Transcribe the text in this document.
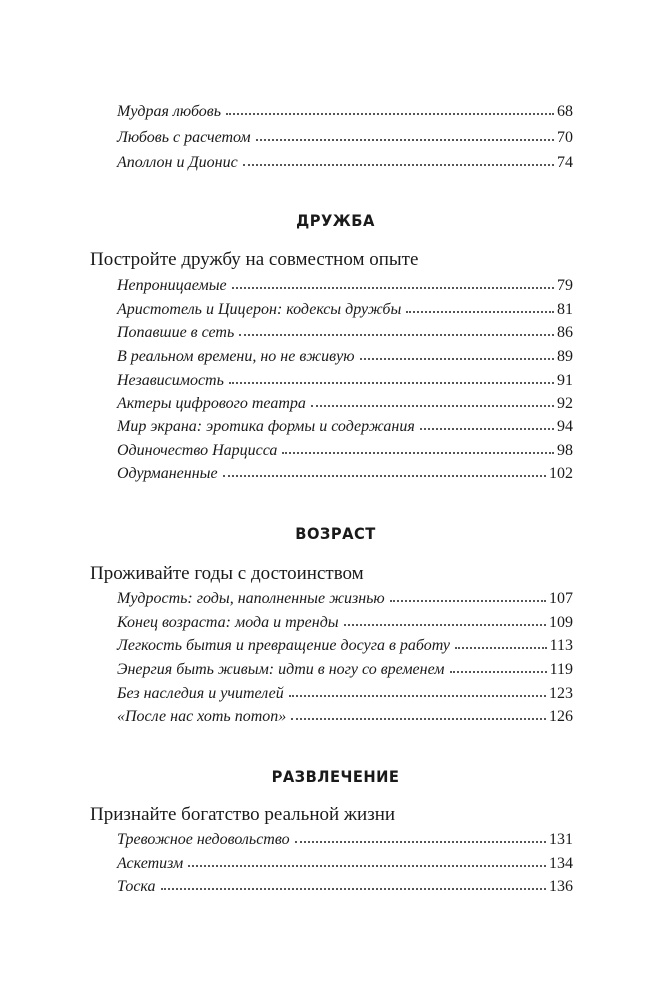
Мудрая любовь	68
Любовь с расчетом	70
Аполлон и Дионис	74
ДРУЖБА
Постройте дружбу на совместном опыте
Непроницаемые	79
Аристотель и Цицерон: кодексы дружбы	81
Попавшие в сеть	86
В реальном времени, но не вживую	89
Независимость	91
Актеры цифрового театра	92
Мир экрана: эротика формы и содержания	94
Одиночество Нарцисса	98
Одурманенные	102
ВОЗРАСТ
Проживайте годы с достоинством
Мудрость: годы, наполненные жизнью	107
Конец возраста: мода и тренды	109
Легкость бытия и превращение досуга в работу	113
Энергия быть живым: идти в ногу со временем	119
Без наследия и учителей	123
«После нас хоть потоп»	126
РАЗВЛЕЧЕНИЕ
Признайте богатство реальной жизни
Тревожное недовольство	131
Аскетизм	134
Тоска	136
